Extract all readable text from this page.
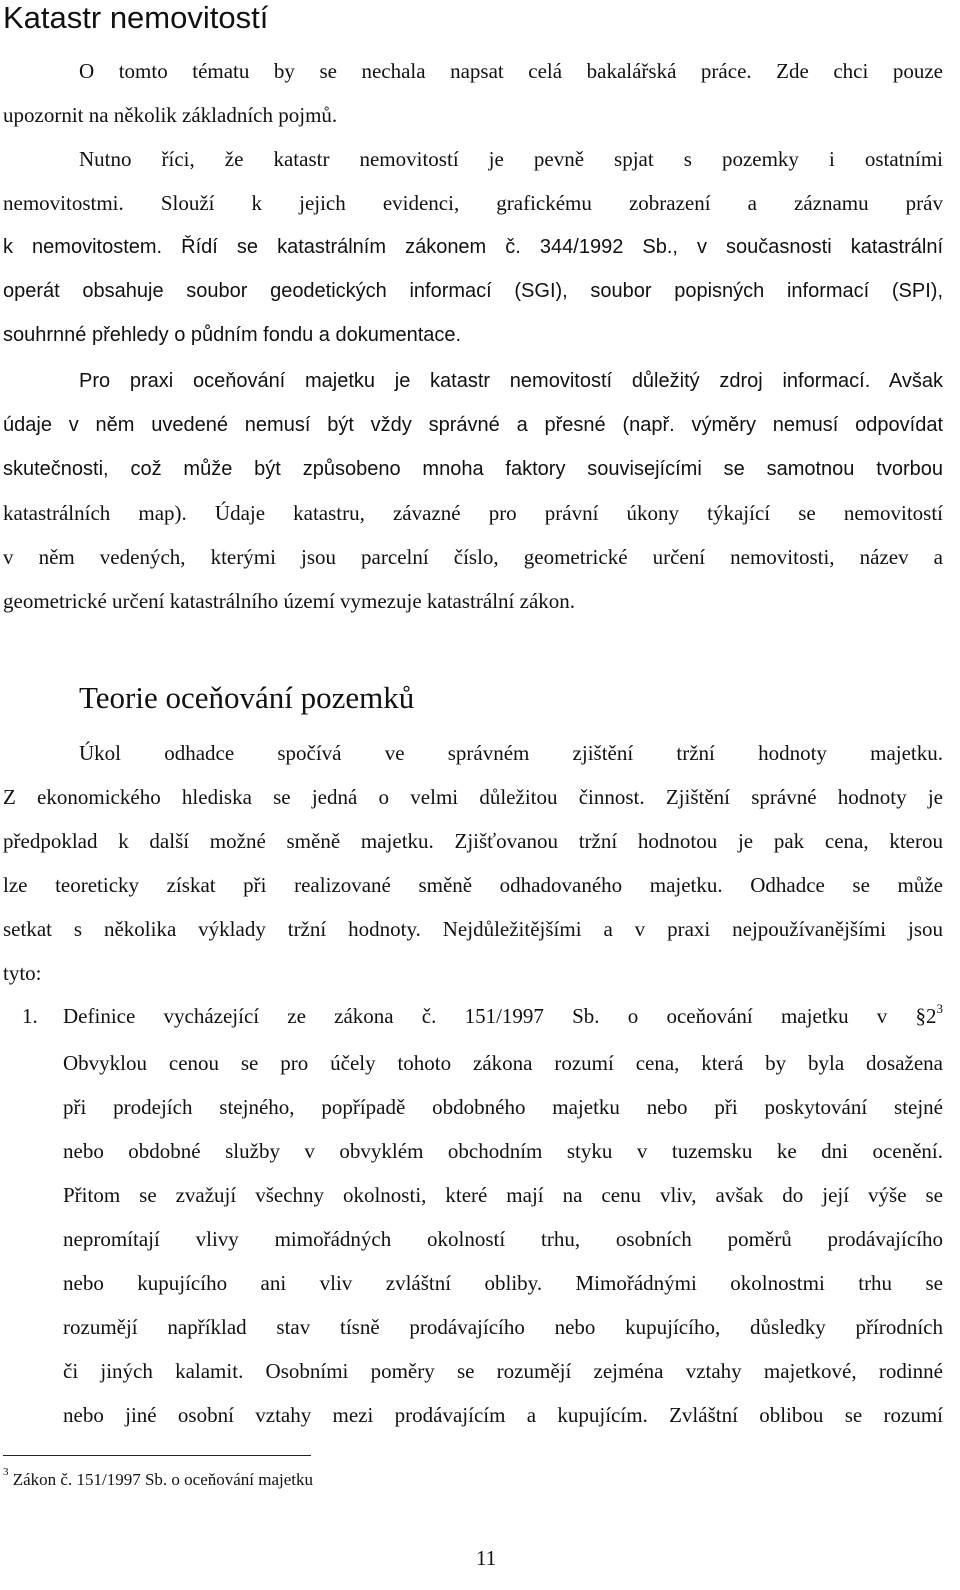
Katastr nemovitostí
O tomto tématu by se nechala napsat celá bakalářská práce. Zde chci pouze
upozornit na několik základních pojmů.
Nutno říci, že katastr nemovitostí je pevně spjat s pozemky i ostatními
nemovitostmi. Slouží k jejich evidenci, grafickému zobrazení a záznamu práv
k nemovitostem. Řídí se katastrálním zákonem č. 344/1992 Sb., v současnosti katastrální
operát obsahuje soubor geodetických informací (SGI), soubor popisných informací (SPI),
souhrnné přehledy o půdním fondu a dokumentace.
Pro praxi oceňování majetku je katastr nemovitostí důležitý zdroj informací. Avšak
údaje v něm uvedené nemusí být vždy správné a přesné (např. výměry nemusí odpovídat
skutečnosti, což může být způsobeno mnoha faktory souvisejícími se samotnou tvorbou
katastrálních map). Údaje katastru, závazné pro právní úkony týkající se nemovitostí
v něm vedených, kterými jsou parcelní číslo, geometrické určení nemovitosti, název a
geometrické určení katastrálního území vymezuje katastrální zákon.
Teorie oceňování pozemků
Úkol odhadce spočívá ve správném zjištění tržní hodnoty majetku.
Z ekonomického hlediska se jedná o velmi důležitou činnost. Zjištění správné hodnoty je
předpoklad k další možné směně majetku. Zjišťovanou tržní hodnotou je pak cena, kterou
lze teoreticky získat při realizované směně odhadovaného majetku. Odhadce se může
setkat s několika výklady tržní hodnoty. Nejdůležitějšími a v praxi nejpoužívanějšími jsou
tyto:
1. Definice vycházející ze zákona č. 151/1997 Sb. o oceňování majetku v $\S 2^3$
Obvyklou cenou se pro účely tohoto zákona rozumí cena, která by byla dosažena
při prodejích stejného, popřípadě obdobného majetku nebo při poskytování stejné
nebo obdobné služby v obvyklém obchodním styku v tuzemsku ke dni ocenění.
Přitom se zvažují všechny okolnosti, které mají na cenu vliv, avšak do její výše se
nepromítají vlivy mimořádných okolností trhu, osobních poměrů prodávajícího
nebo kupujícího ani vliv zvláštní obliby. Mimořádnými okolnostmi trhu se
rozumějí například stav tísně prodávajícího nebo kupujícího, důsledky přírodních
či jiných kalamit. Osobními poměry se rozumějí zejména vztahy majetkové, rodinné
nebo jiné osobní vztahy mezi prodávajícím a kupujícím. Zvláštní oblibou se rozumí
$^3$ Zákon č. 151/1997 Sb. o oceňování majetku
11
